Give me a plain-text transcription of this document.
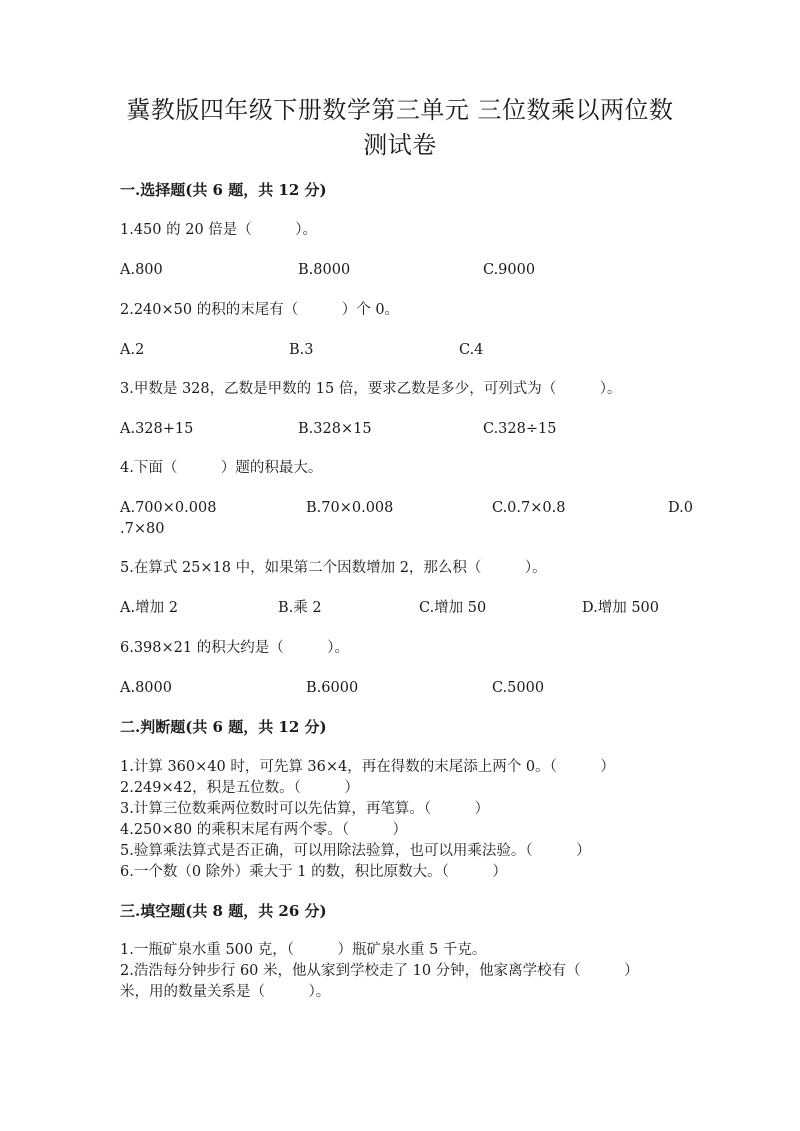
冀教版四年级下册数学第三单元 三位数乘以两位数
测试卷
一.选择题(共 6 题，共 12 分)
1.450 的 20 倍是（　　　）。
A.800	B.8000	C.9000
2.240×50 的积的末尾有（　　　）个 0。
A.2	B.3	C.4
3.甲数是 328，乙数是甲数的 15 倍，要求乙数是多少，可列式为（　　　）。
A.328+15	B.328×15	C.328÷15
4.下面（　　　）题的积最大。
A.700×0.008	B.70×0.008	C.0.7×0.8	D.0
.7×80
5.在算式 25×18 中，如果第二个因数增加 2，那么积（　　　）。
A.增加 2	B.乘 2	C.增加 50	D.增加 500
6.398×21 的积大约是（　　　）。
A.8000	B.6000	C.5000
二.判断题(共 6 题，共 12 分)
1.计算 360×40 时，可先算 36×4，再在得数的末尾添上两个 0。（　　　）
2.249×42，积是五位数。（　　　）
3.计算三位数乘两位数时可以先估算，再笔算。（　　　）
4.250×80 的乘积末尾有两个零。（　　　）
5.验算乘法算式是否正确，可以用除法验算，也可以用乘法验。（　　　）
6.一个数（0 除外）乘大于 1 的数，积比原数大。（　　　）
三.填空题(共 8 题，共 26 分)
1.一瓶矿泉水重 500 克，（　　　）瓶矿泉水重 5 千克。
2.浩浩每分钟步行 60 米，他从家到学校走了 10 分钟，他家离学校有（　　　）
米，用的数量关系是（　　　）。
